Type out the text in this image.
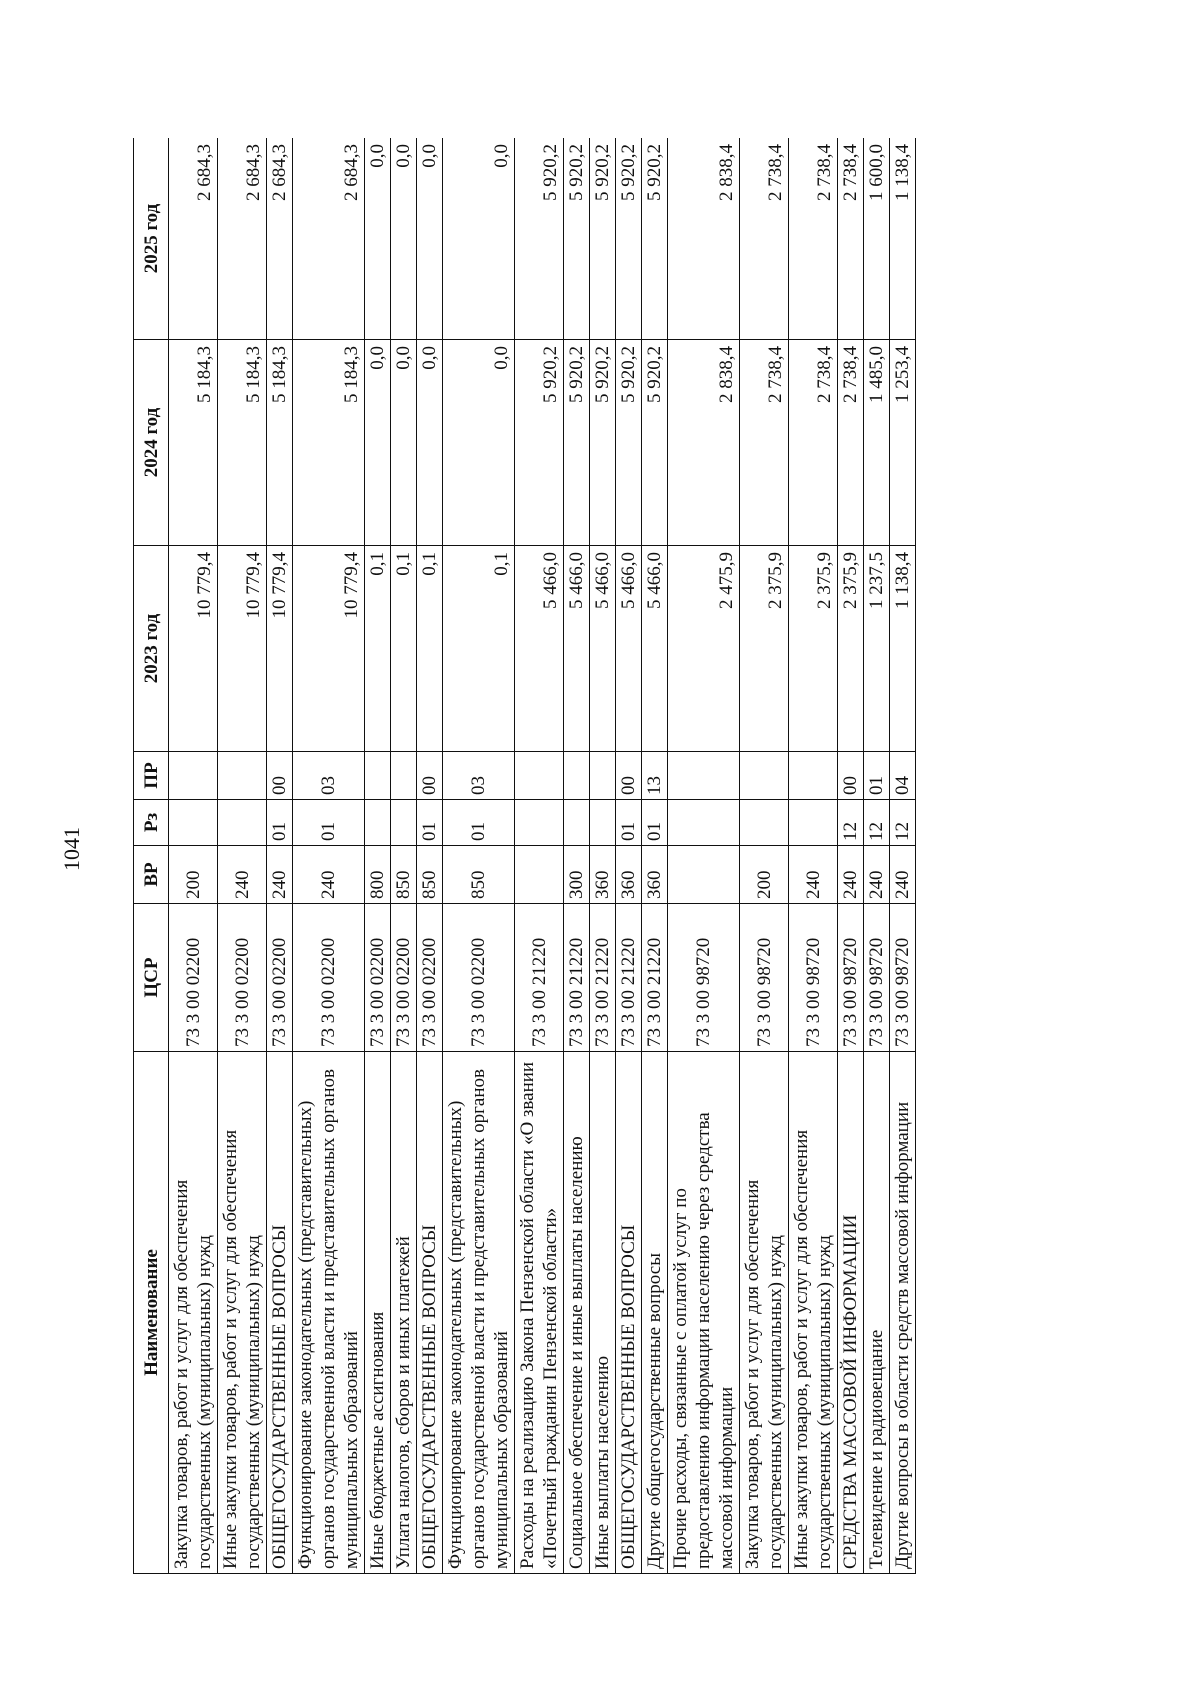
1041
Наименование	ЦСР	ВР	Рз	ПР	2023 год	2024 год	2025 год
Закупка товаров, работ и услуг для обеспечения государственных (муниципальных) нужд	73 3 00 02200	200			10 779,4	5 184,3	2 684,3
Иные закупки товаров, работ и услуг для обеспечения государственных (муниципальных) нужд	73 3 00 02200	240			10 779,4	5 184,3	2 684,3
ОБЩЕГОСУДАРСТВЕННЫЕ ВОПРОСЫ	73 3 00 02200	240	01	00	10 779,4	5 184,3	2 684,3
Функционирование законодательных (представительных) органов государственной власти и представительных органов муниципальных образований	73 3 00 02200	240	01	03	10 779,4	5 184,3	2 684,3
Иные бюджетные ассигнования	73 3 00 02200	800			0,1	0,0	0,0
Уплата налогов, сборов и иных платежей	73 3 00 02200	850			0,1	0,0	0,0
ОБЩЕГОСУДАРСТВЕННЫЕ ВОПРОСЫ	73 3 00 02200	850	01	00	0,1	0,0	0,0
Функционирование законодательных (представительных) органов государственной власти и представительных органов муниципальных образований	73 3 00 02200	850	01	03	0,1	0,0	0,0
Расходы на реализацию Закона Пензенской области «О звании «Почетный гражданин Пензенской области»	73 3 00 21220				5 466,0	5 920,2	5 920,2
Социальное обеспечение и иные выплаты населению	73 3 00 21220	300			5 466,0	5 920,2	5 920,2
Иные выплаты населению	73 3 00 21220	360			5 466,0	5 920,2	5 920,2
ОБЩЕГОСУДАРСТВЕННЫЕ ВОПРОСЫ	73 3 00 21220	360	01	00	5 466,0	5 920,2	5 920,2
Другие общегосударственные вопросы	73 3 00 21220	360	01	13	5 466,0	5 920,2	5 920,2
Прочие расходы, связанные с оплатой услуг по предоставлению информации населению через средства массовой информации	73 3 00 98720				2 475,9	2 838,4	2 838,4
Закупка товаров, работ и услуг для обеспечения государственных (муниципальных) нужд	73 3 00 98720	200			2 375,9	2 738,4	2 738,4
Иные закупки товаров, работ и услуг для обеспечения государственных (муниципальных) нужд	73 3 00 98720	240			2 375,9	2 738,4	2 738,4
СРЕДСТВА МАССОВОЙ ИНФОРМАЦИИ	73 3 00 98720	240	12	00	2 375,9	2 738,4	2 738,4
Телевидение и радиовещание	73 3 00 98720	240	12	01	1 237,5	1 485,0	1 600,0
Другие вопросы в области средств массовой информации	73 3 00 98720	240	12	04	1 138,4	1 253,4	1 138,4
